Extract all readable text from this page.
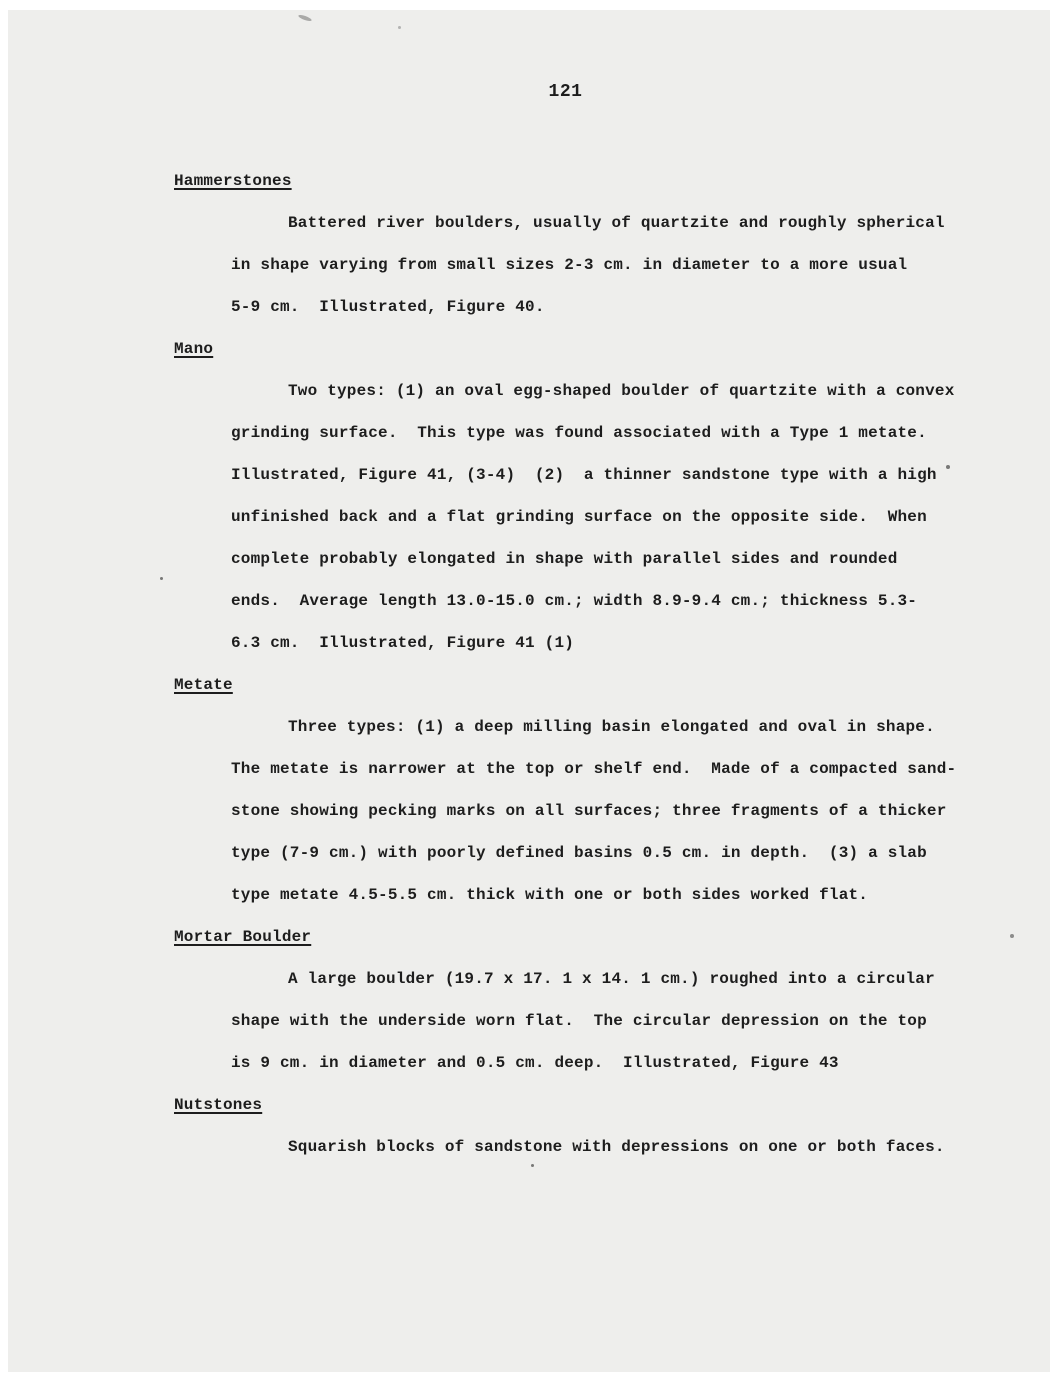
121
Hammerstones
Battered river boulders, usually of quartzite and roughly spherical
in shape varying from small sizes 2-3 cm. in diameter to a more usual
5-9 cm.  Illustrated, Figure 40.
Mano
Two types: (1) an oval egg-shaped boulder of quartzite with a convex
grinding surface.  This type was found associated with a Type 1 metate.
Illustrated, Figure 41, (3-4)  (2)  a thinner sandstone type with a high
unfinished back and a flat grinding surface on the opposite side.  When
complete probably elongated in shape with parallel sides and rounded
ends.  Average length 13.0-15.0 cm.; width 8.9-9.4 cm.; thickness 5.3-
6.3 cm.  Illustrated, Figure 41 (1)
Metate
Three types: (1) a deep milling basin elongated and oval in shape.
The metate is narrower at the top or shelf end.  Made of a compacted sand-
stone showing pecking marks on all surfaces; three fragments of a thicker
type (7-9 cm.) with poorly defined basins 0.5 cm. in depth.  (3) a slab
type metate 4.5-5.5 cm. thick with one or both sides worked flat.
Mortar Boulder
A large boulder (19.7 x 17. 1 x 14. 1 cm.) roughed into a circular
shape with the underside worn flat.  The circular depression on the top
is 9 cm. in diameter and 0.5 cm. deep.  Illustrated, Figure 43
Nutstones
Squarish blocks of sandstone with depressions on one or both faces.
